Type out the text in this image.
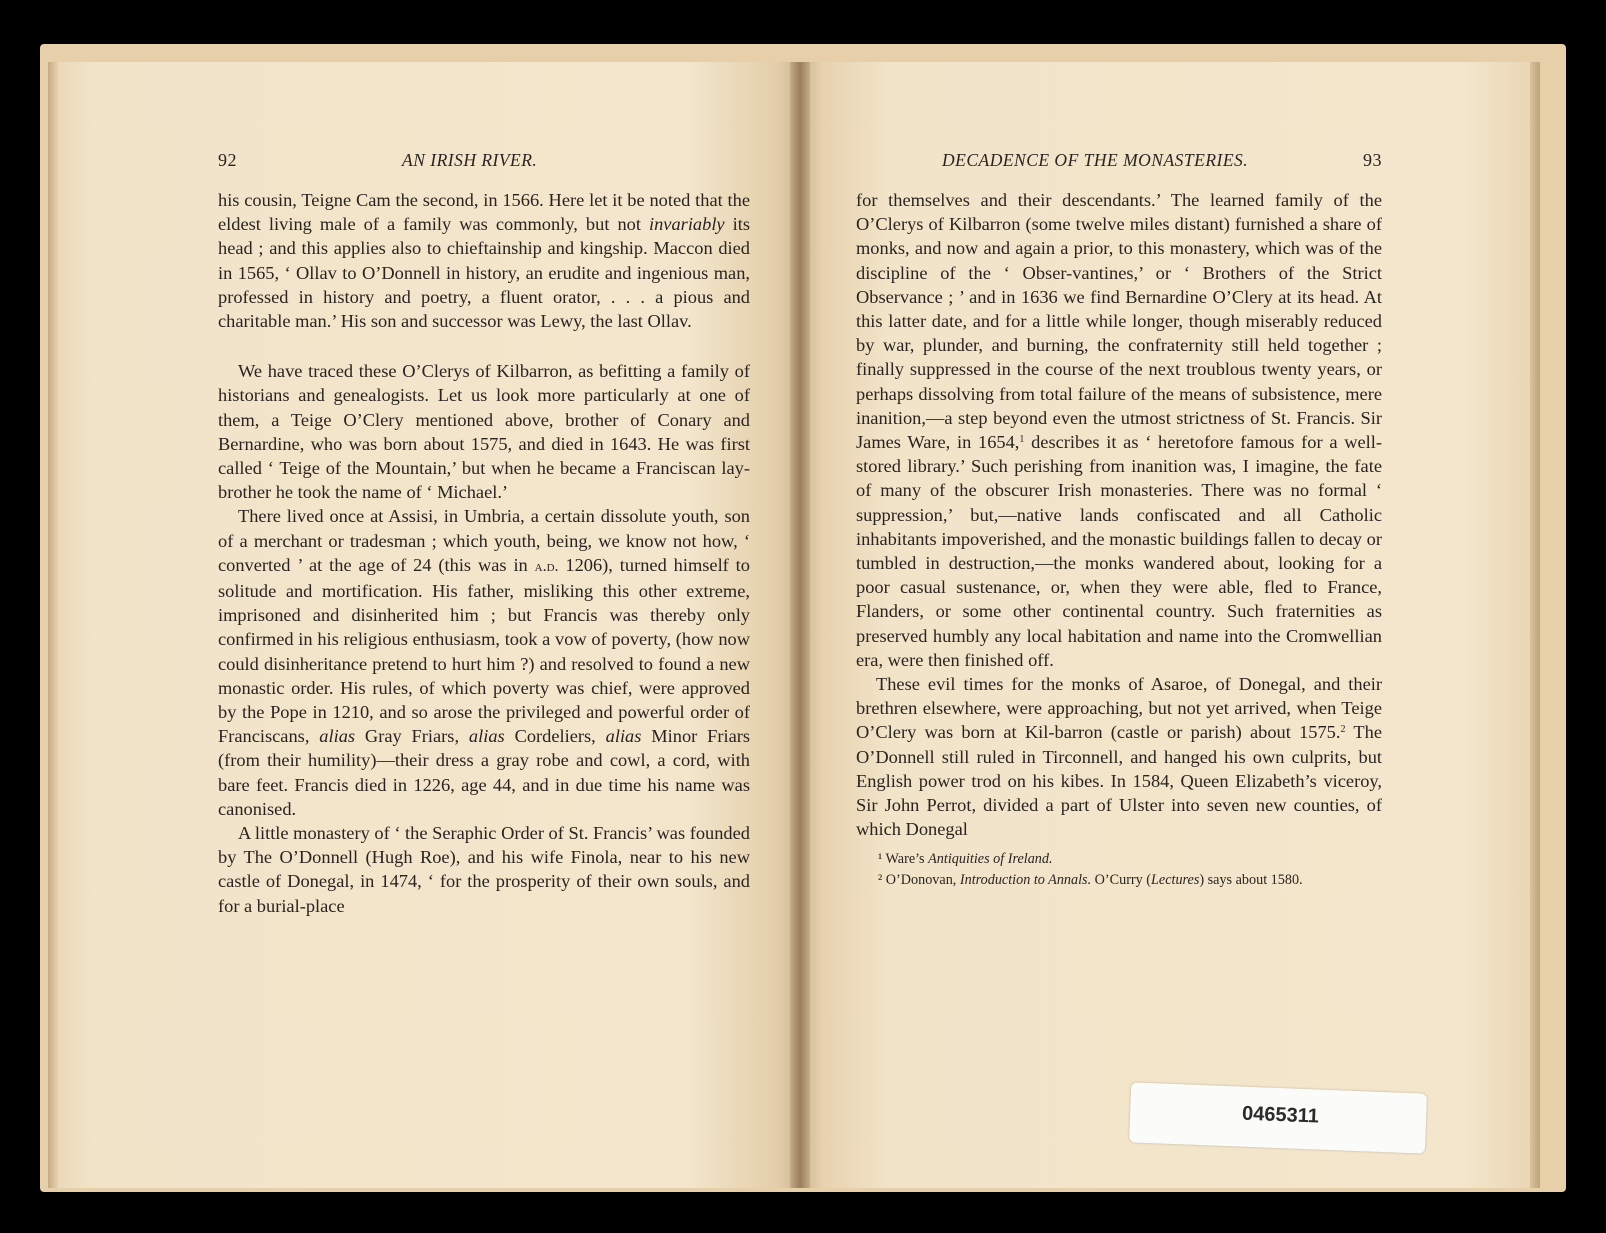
92	AN IRISH RIVER.

his cousin, Teigne Cam the second, in 1566. Here let it be noted that the eldest living male of a family was commonly, but not invariably its head ; and this applies also to chieftainship and kingship. Maccon died in 1565, ‘ Ollav to O’Donnell in history, an erudite and ingenious man, professed in history and poetry, a fluent orator, . . . a pious and charitable man.’ His son and successor was Lewy, the last Ollav.

We have traced these O’Clerys of Kilbarron, as befitting a family of historians and genealogists. Let us look more particularly at one of them, a Teige O’Clery mentioned above, brother of Conary and Bernardine, who was born about 1575, and died in 1643. He was first called ‘ Teige of the Mountain,’ but when he became a Franciscan lay-brother he took the name of ‘ Michael.’

There lived once at Assisi, in Umbria, a certain dissolute youth, son of a merchant or tradesman ; which youth, being, we know not how, ‘ converted ’ at the age of 24 (this was in a.d. 1206), turned himself to solitude and mortification. His father, misliking this other extreme, imprisoned and disinherited him ; but Francis was thereby only confirmed in his religious enthusiasm, took a vow of poverty, (how now could disinheritance pretend to hurt him ?) and resolved to found a new monastic order. His rules, of which poverty was chief, were approved by the Pope in 1210, and so arose the privileged and powerful order of Franciscans, alias Gray Friars, alias Cordeliers, alias Minor Friars (from their humility)—their dress a gray robe and cowl, a cord, with bare feet. Francis died in 1226, age 44, and in due time his name was canonised.

A little monastery of ‘ the Seraphic Order of St. Francis’ was founded by The O’Donnell (Hugh Roe), and his wife Finola, near to his new castle of Donegal, in 1474, ‘ for the prosperity of their own souls, and for a burial-place

DECADENCE OF THE MONASTERIES.	93

for themselves and their descendants.’ The learned family of the O’Clerys of Kilbarron (some twelve miles distant) furnished a share of monks, and now and again a prior, to this monastery, which was of the discipline of the ‘ Obser-vantines,’ or ‘ Brothers of the Strict Observance ; ’ and in 1636 we find Bernardine O’Clery at its head. At this latter date, and for a little while longer, though miserably reduced by war, plunder, and burning, the confraternity still held together ; finally suppressed in the course of the next troublous twenty years, or perhaps dissolving from total failure of the means of subsistence, mere inanition,—a step beyond even the utmost strictness of St. Francis. Sir James Ware, in 1654,$^1$ describes it as ‘ heretofore famous for a well-stored library.’ Such perishing from inanition was, I imagine, the fate of many of the obscurer Irish monasteries. There was no formal ‘ suppression,’ but,—native lands confiscated and all Catholic inhabitants impoverished, and the monastic buildings fallen to decay or tumbled in destruction,—the monks wandered about, looking for a poor casual sustenance, or, when they were able, fled to France, Flanders, or some other continental country. Such fraternities as preserved humbly any local habitation and name into the Cromwellian era, were then finished off.

These evil times for the monks of Asaroe, of Donegal, and their brethren elsewhere, were approaching, but not yet arrived, when Teige O’Clery was born at Kil-barron (castle or parish) about 1575.$^2$ The O’Donnell still ruled in Tirconnell, and hanged his own culprits, but English power trod on his kibes. In 1584, Queen Elizabeth’s viceroy, Sir John Perrot, divided a part of Ulster into seven new counties, of which Donegal

¹ Ware’s Antiquities of Ireland.

² O’Donovan, Introduction to Annals. O’Curry (Lectures) says about 1580.

0465311
